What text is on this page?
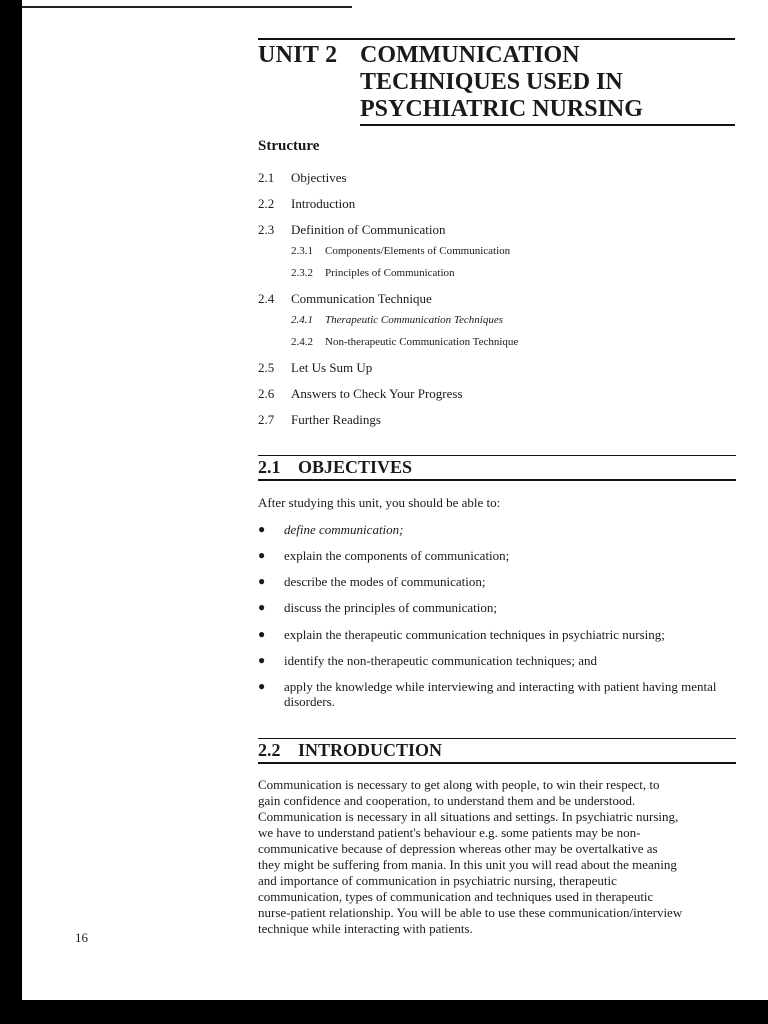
UNIT 2 COMMUNICATION
TECHNIQUES USED IN
PSYCHIATRIC NURSING
Structure
2.1 Objectives
2.2 Introduction
2.3 Definition of Communication
2.3.1 Components/Elements of Communication
2.3.2 Principles of Communication
2.4 Communication Technique
2.4.1 Therapeutic Communication Techniques
2.4.2 Non-therapeutic Communication Technique
2.5 Let Us Sum Up
2.6 Answers to Check Your Progress
2.7 Further Readings
2.1 OBJECTIVES
After studying this unit, you should be able to:
● define communication;
● explain the components of communication;
● describe the modes of communication;
● discuss the principles of communication;
● explain the therapeutic communication techniques in psychiatric nursing;
● identify the non-therapeutic communication techniques; and
● apply the knowledge while interviewing and interacting with patient having mental disorders.
2.2 INTRODUCTION
Communication is necessary to get along with people, to win their respect, to
gain confidence and cooperation, to understand them and be understood.
Communication is necessary in all situations and settings. In psychiatric nursing,
we have to understand patient's behaviour e.g. some patients may be non-
communicative because of depression whereas other may be overtalkative as
they might be suffering from mania. In this unit you will read about the meaning
and importance of communication in psychiatric nursing, therapeutic
communication, types of communication and techniques used in therapeutic
nurse-patient relationship. You will be able to use these communication/interview
technique while interacting with patients.
16
